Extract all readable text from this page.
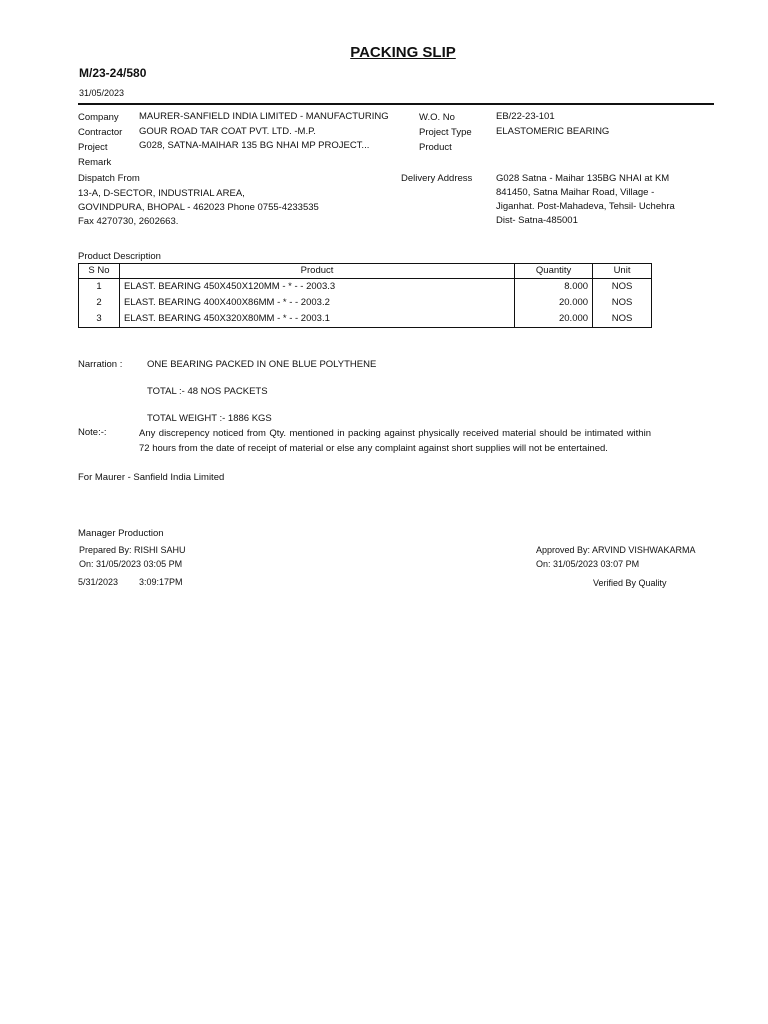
PACKING SLIP
M/23-24/580
31/05/2023
Company MAURER-SANFIELD INDIA LIMITED - MANUFACTURING
Contractor GOUR ROAD TAR COAT PVT. LTD. -M.P.
Project	G028, SATNA-MAIHAR 135 BG NHAI MP PROJECT...
Remark
W.O. No	EB/22-23-101
Project Type	ELASTOMERIC BEARING
Product
Dispatch From
13-A, D-SECTOR, INDUSTRIAL AREA,
GOVINDPURA, BHOPAL - 462023 Phone 0755-4233535
Fax 4270730, 2602663.
Delivery Address G028 Satna - Maihar 135BG NHAI at KM
841450, Satna Maihar Road, Village -
Jiganhat. Post-Mahadeva, Tehsil- Uchehra
Dist- Satna-485001
Product Description
S No	Product	Quantity	Unit
1	ELAST. BEARING 450X450X120MM - * - - 2003.3	8.000	NOS
2	ELAST. BEARING 400X400X86MM - * - - 2003.2	20.000	NOS
3	ELAST. BEARING 450X320X80MM - * - - 2003.1	20.000	NOS
Narration :	ONE BEARING PACKED IN ONE BLUE POLYTHENE
TOTAL :- 48 NOS PACKETS
TOTAL WEIGHT :- 1886 KGS
Note:-:	Any discrepency noticed from Qty. mentioned in packing against physically received material should be intimated within 72 hours from the date of receipt of material or else any complaint against short supplies will not be entertained.
For Maurer - Sanfield India Limited
Manager Production
Prepared By: RISHI SAHU
On: 31/05/2023 03:05 PM
Approved By: ARVIND VISHWAKARMA
On: 31/05/2023 03:07 PM
5/31/2023 3:09:17PM	Verified By Quality
